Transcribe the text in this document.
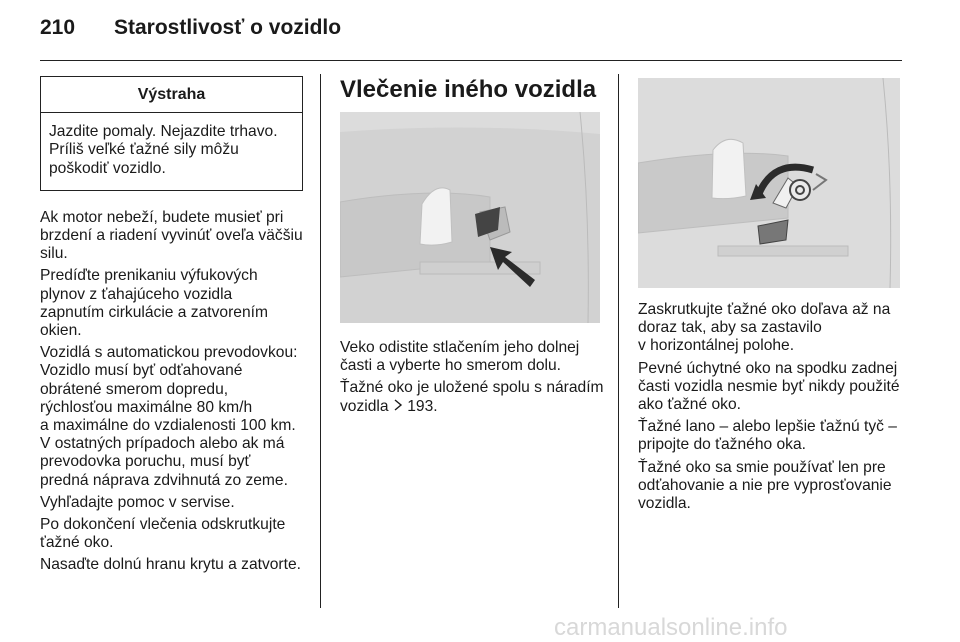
210 Starostlivosť o vozidlo
Výstraha
Jazdite pomaly. Nejazdite trhavo.
Príliš veľké ťažné sily môžu
poškodiť vozidlo.

Ak motor nebeží, budete musieť pri
brzdení a riadení vyvinúť oveľa väčšiu
silu.

Predíďte prenikaniu výfukových
plynov z ťahajúceho vozidla
zapnutím cirkulácie a zatvorením
okien.

Vozidlá s automatickou prevodovkou:
Vozidlo musí byť odťahované
obrátené smerom dopredu,
rýchlosťou maximálne 80 km/h
a maximálne do vzdialenosti 100 km.
V ostatných prípadoch alebo ak má
prevodovka poruchu, musí byť
predná náprava zdvihnutá zo zeme.

Vyhľadajte pomoc v servise.

Po dokončení vlečenia odskrutkujte
ťažné oko.

Nasaďte dolnú hranu krytu a zatvorte.

Vlečenie iného vozidla

Veko odistite stlačením jeho dolnej
časti a vyberte ho smerom dolu.

Ťažné oko je uložené spolu s náradím
vozidla 193.

Zaskrutkujte ťažné oko doľava až na
doraz tak, aby sa zastavilo
v horizontálnej polohe.

Pevné úchytné oko na spodku zadnej
časti vozidla nesmie byť nikdy použité
ako ťažné oko.

Ťažné lano – alebo lepšie ťažnú tyč –
pripojte do ťažného oka.

Ťažné oko sa smie používať len pre
odťahovanie a nie pre vyprosťovanie
vozidla.

carmanualsonline.info
